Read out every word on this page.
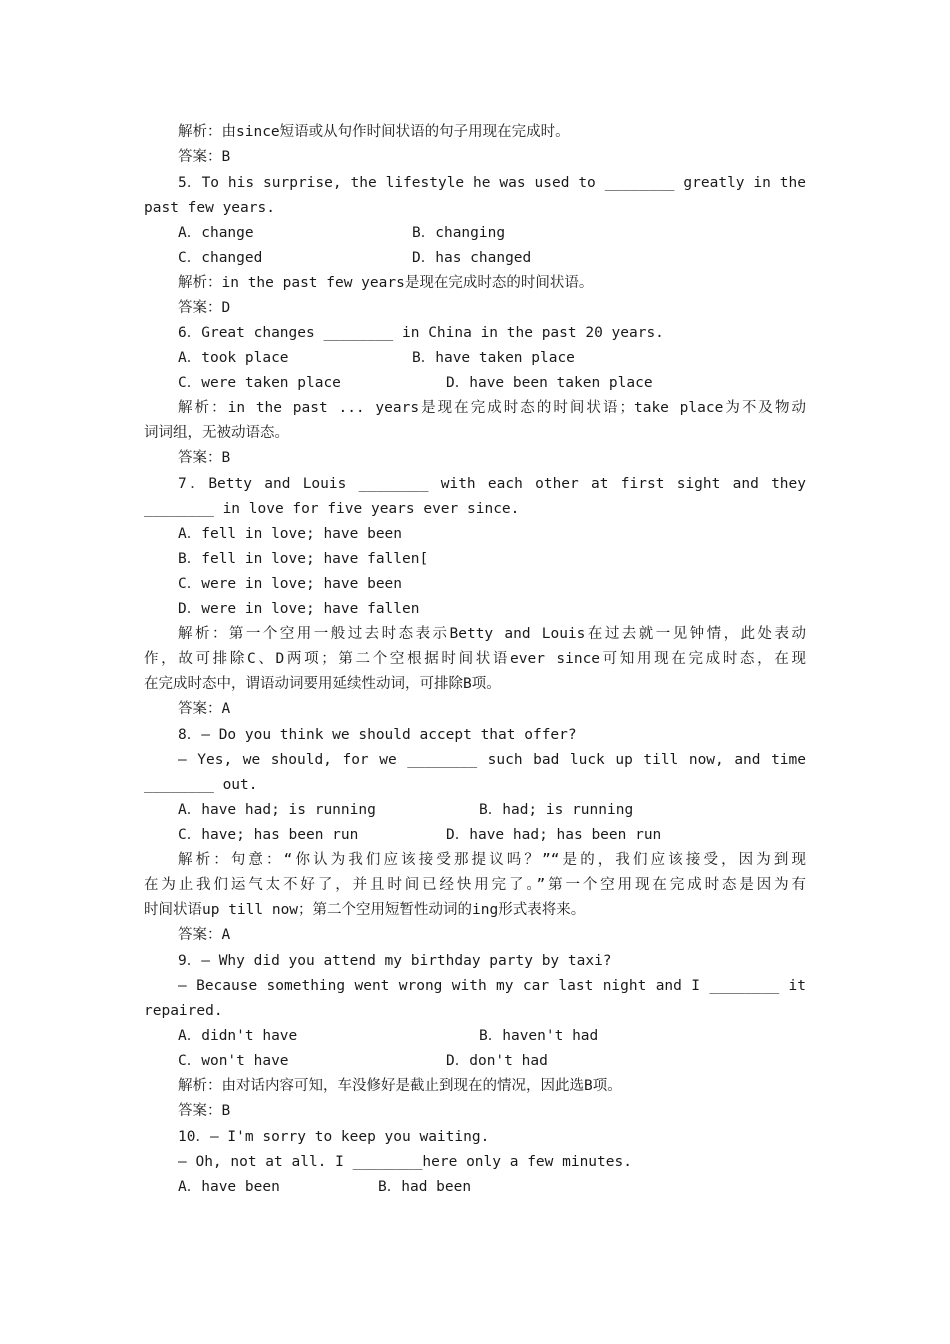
解析：由since短语或从句作时间状语的句子用现在完成时。
答案：B
5．To his surprise, the lifestyle he was used to ________ greatly in the
past few years.
A．change	B．changing
C．changed	D．has changed
解析：in the past few years是现在完成时态的时间状语。
答案：D
6．Great changes ________ in China in the past 20 years.
A．took place	B．have taken place
C．were taken place	D．have been taken place
解析：in the past ... years是现在完成时态的时间状语；take place为不及物动
词词组，无被动语态。
答案：B
7．Betty and Louis ________ with each other at first sight and they
________ in love for five years ever since.
A．fell in love; have been
B．fell in love; have fallen[
C．were in love; have been
D．were in love; have fallen
解析：第一个空用一般过去时态表示Betty and Louis在过去就一见钟情，此处表动
作，故可排除C、D两项；第二个空根据时间状语ever since可知用现在完成时态，在现
在完成时态中，谓语动词要用延续性动词，可排除B项。
答案：A
8．— Do you think we should accept that offer?
— Yes, we should, for we ________ such bad luck up till now, and time
________ out.
A．have had; is running	B．had; is running
C．have; has been run	D．have had; has been run
解析：句意：“你认为我们应该接受那提议吗？”“是的，我们应该接受，因为到现
在为止我们运气太不好了，并且时间已经快用完了。”第一个空用现在完成时态是因为有
时间状语up till now；第二个空用短暂性动词的ing形式表将来。
答案：A
9．— Why did you attend my birthday party by taxi?
— Because something went wrong with my car last night and I ________ it
repaired.
A．didn't have	B．haven't had
C．won't have	D．don't had
解析：由对话内容可知，车没修好是截止到现在的情况，因此选B项。
答案：B
10．— I'm sorry to keep you waiting.
— Oh, not at all. I ________here only a few minutes.
A．have been	B．had been
